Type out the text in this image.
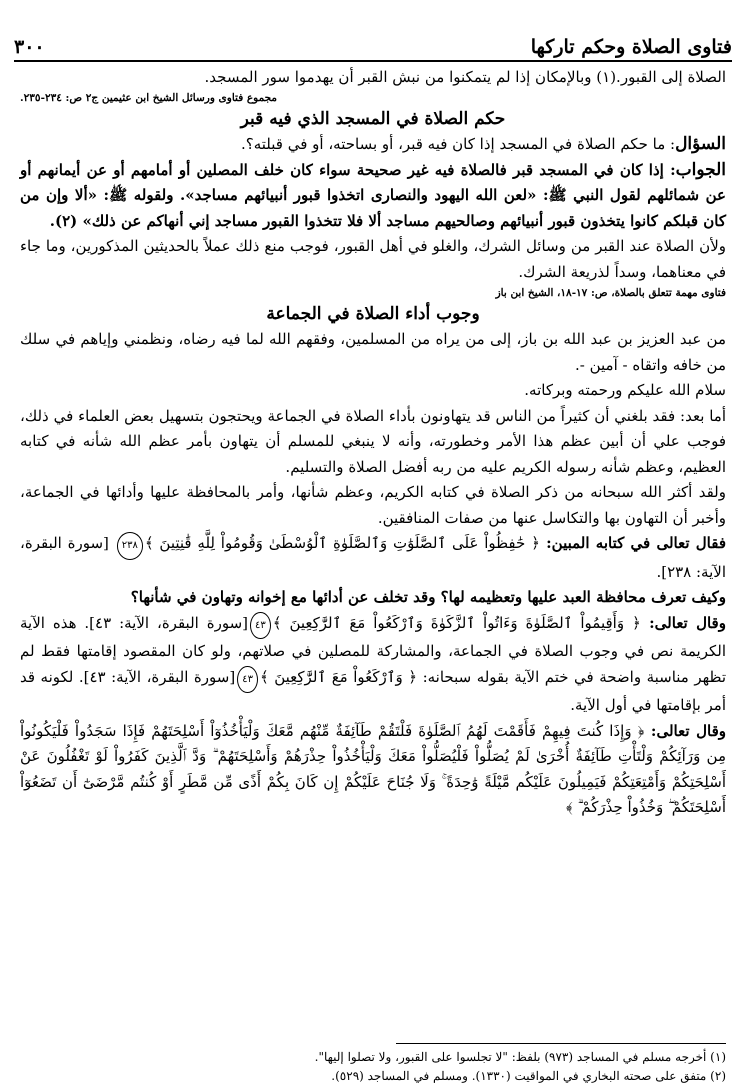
فتاوى الصلاة وحكم تاركها
٣٠٠

الصلاة إلى القبور.(١) وبالإمكان إذا لم يتمكنوا من نبش القبر أن يهدموا سور المسجد.

مجموع فتاوى ورسائل الشيخ ابن عثيمين ج٢ ص: ٢٣٤-٢٣٥.

حكم الصلاة في المسجد الذي فيه قبر

السؤال: ما حكم الصلاة في المسجد إذا كان فيه قبر، أو بساحته، أو في قبلته؟.

الجواب: إذا كان في المسجد قبر فالصلاة فيه غير صحيحة سواء كان خلف المصلين أو أمامهم أو عن أيمانهم أو عن شمائلهم لقول النبي ﷺ: «لعن الله اليهود والنصارى اتخذوا قبور أنبيائهم مساجد». ولقوله ﷺ: «ألا وإن من كان قبلكم كانوا يتخذون قبور أنبيائهم وصالحيهم مساجد ألا فلا تتخذوا القبور مساجد إني أنهاكم عن ذلك» (٢).

ولأن الصلاة عند القبر من وسائل الشرك، والغلو في أهل القبور، فوجب منع ذلك عملاً بالحديثين المذكورين، وما جاء في معناهما، وسداً لذريعة الشرك.

فتاوى مهمة تتعلق بالصلاة، ص: ١٧-١٨، الشيخ ابن باز

وجوب أداء الصلاة في الجماعة

من عبد العزيز بن عبد الله بن باز، إلى من يراه من المسلمين، وفقهم الله لما فيه رضاه، ونظمني وإياهم في سلك من خافه واتقاه - آمين -.

سلام الله عليكم ورحمته وبركاته.

أما بعد: فقد بلغني أن كثيراً من الناس قد يتهاونون بأداء الصلاة في الجماعة ويحتجون بتسهيل بعض العلماء في ذلك، فوجب علي أن أبين عظم هذا الأمر وخطورته، وأنه لا ينبغي للمسلم أن يتهاون بأمر عظم الله شأنه في كتابه العظيم، وعظم شأنه رسوله الكريم عليه من ربه أفضل الصلاة والتسليم.

ولقد أكثر الله سبحانه من ذكر الصلاة في كتابه الكريم، وعظم شأنها، وأمر بالمحافظة عليها وأدائها في الجماعة، وأخبر أن التهاون بها والتكاسل عنها من صفات المنافقين.

فقال تعالى في كتابه المبين: ﴿ حَٰفِظُواْ عَلَى ٱلصَّلَوَٰتِ وَٱلصَّلَوٰةِ ٱلْوُسْطَىٰ وَقُومُواْ لِلَّهِ قَٰنِتِينَ ﴾٢٣٨ [سورة البقرة، الآية: ٢٣٨].

وكيف تعرف محافظة العبد عليها وتعظيمه لها؟ وقد تخلف عن أدائها مع إخوانه وتهاون في شأنها؟

وقال تعالى: ﴿ وَأَقِيمُواْ ٱلصَّلَوٰةَ وَءَاتُواْ ٱلزَّكَوٰةَ وَٱرْكَعُواْ مَعَ ٱلرَّٰكِعِينَ ﴾٤٣[سورة البقرة، الآية: ٤٣]. هذه الآية الكريمة نص في وجوب الصلاة في الجماعة، والمشاركة للمصلين في صلاتهم، ولو كان المقصود إقامتها فقط لم تظهر مناسبة واضحة في ختم الآية بقوله سبحانه: ﴿ وَٱرْكَعُواْ مَعَ ٱلرَّٰكِعِينَ ﴾٤٣[سورة البقرة، الآية: ٤٣]. لكونه قد أمر بإقامتها في أول الآية.

وقال تعالى: ﴿ وَإِذَا كُنتَ فِيهِمْ فَأَقَمْتَ لَهُمُ ٱلصَّلَوٰةَ فَلْتَقُمْ طَآئِفَةٌ مِّنْهُم مَّعَكَ وَلْيَأْخُذُوٓاْ أَسْلِحَتَهُمْ فَإِذَا سَجَدُواْ فَلْيَكُونُواْ مِن وَرَآئِكُمْ وَلْتَأْتِ طَآئِفَةٌ أُخْرَىٰ لَمْ يُصَلُّواْ فَلْيُصَلُّواْ مَعَكَ وَلْيَأْخُذُواْ حِذْرَهُمْ وَأَسْلِحَتَهُمْ ۗ وَدَّ ٱلَّذِينَ كَفَرُواْ لَوْ تَغْفُلُونَ عَنْ أَسْلِحَتِكُمْ وَأَمْتِعَتِكُمْ فَيَمِيلُونَ عَلَيْكُم مَّيْلَةً وَٰحِدَةً ۚ وَلَا جُنَاحَ عَلَيْكُمْ إِن كَانَ بِكُمْ أَذًى مِّن مَّطَرٍ أَوْ كُنتُم مَّرْضَىٰٓ أَن تَضَعُوٓاْ أَسْلِحَتَكُمْ ۖ وَخُذُواْ حِذْرَكُمْ ۗ ﴾

(١) أخرجه مسلم في المساجد (٩٧٣) بلفظ: "لا تجلسوا على القبور، ولا تصلوا إليها".

(٢) متفق على صحته البخاري في المواقيت (١٣٣٠). ومسلم في المساجد (٥٢٩).
